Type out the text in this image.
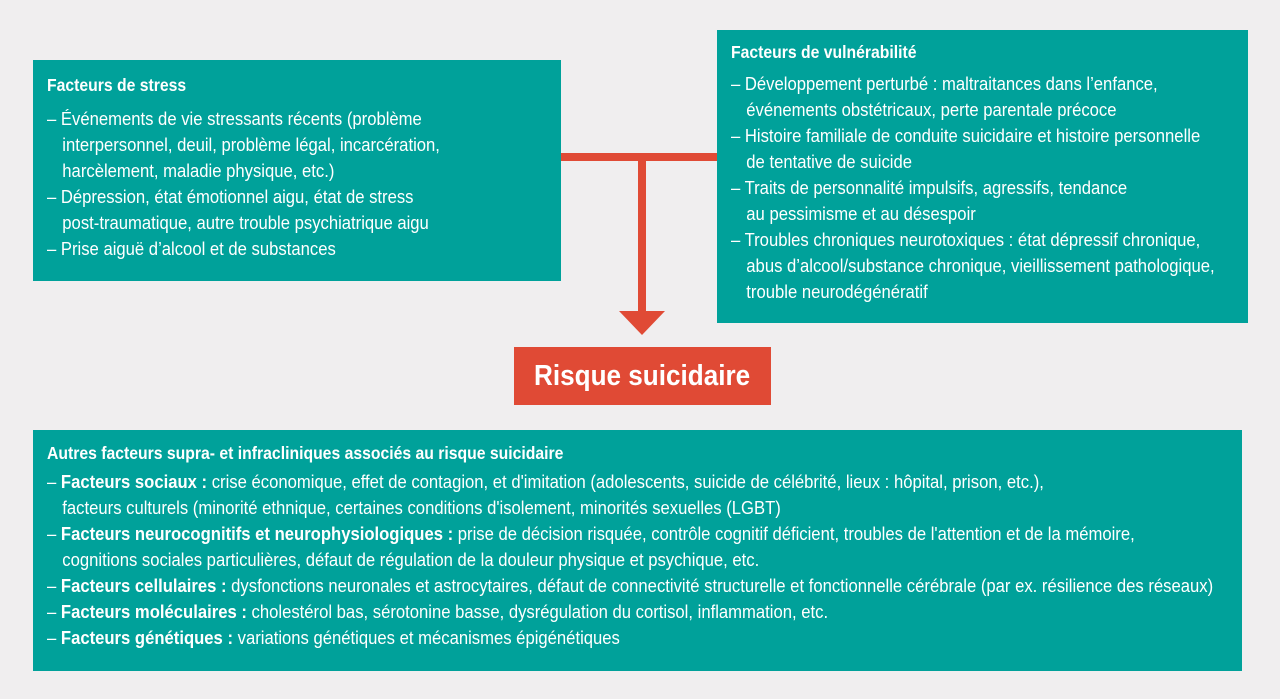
Facteurs de stress
– Événements de vie stressants récents (problème
interpersonnel, deuil, problème légal, incarcération,
harcèlement, maladie physique, etc.)
– Dépression, état émotionnel aigu, état de stress
post-traumatique, autre trouble psychiatrique aigu
– Prise aiguë d’alcool et de substances
Facteurs de vulnérabilité
– Développement perturbé : maltraitances dans l’enfance,
événements obstétricaux, perte parentale précoce
– Histoire familiale de conduite suicidaire et histoire personnelle
de tentative de suicide
– Traits de personnalité impulsifs, agressifs, tendance
au pessimisme et au désespoir
– Troubles chroniques neurotoxiques : état dépressif chronique,
abus d’alcool/substance chronique, vieillissement pathologique,
trouble neurodégénératif
Risque suicidaire
Autres facteurs supra- et infracliniques associés au risque suicidaire
– Facteurs sociaux : crise économique, effet de contagion, et d'imitation (adolescents, suicide de célébrité, lieux : hôpital, prison, etc.),
facteurs culturels (minorité ethnique, certaines conditions d'isolement, minorités sexuelles (LGBT)
– Facteurs neurocognitifs et neurophysiologiques : prise de décision risquée, contrôle cognitif déficient, troubles de l'attention et de la mémoire,
cognitions sociales particulières, défaut de régulation de la douleur physique et psychique, etc.
– Facteurs cellulaires : dysfonctions neuronales et astrocytaires, défaut de connectivité structurelle et fonctionnelle cérébrale (par ex. résilience des réseaux)
– Facteurs moléculaires : cholestérol bas, sérotonine basse, dysrégulation du cortisol, inflammation, etc.
– Facteurs génétiques : variations génétiques et mécanismes épigénétiques
